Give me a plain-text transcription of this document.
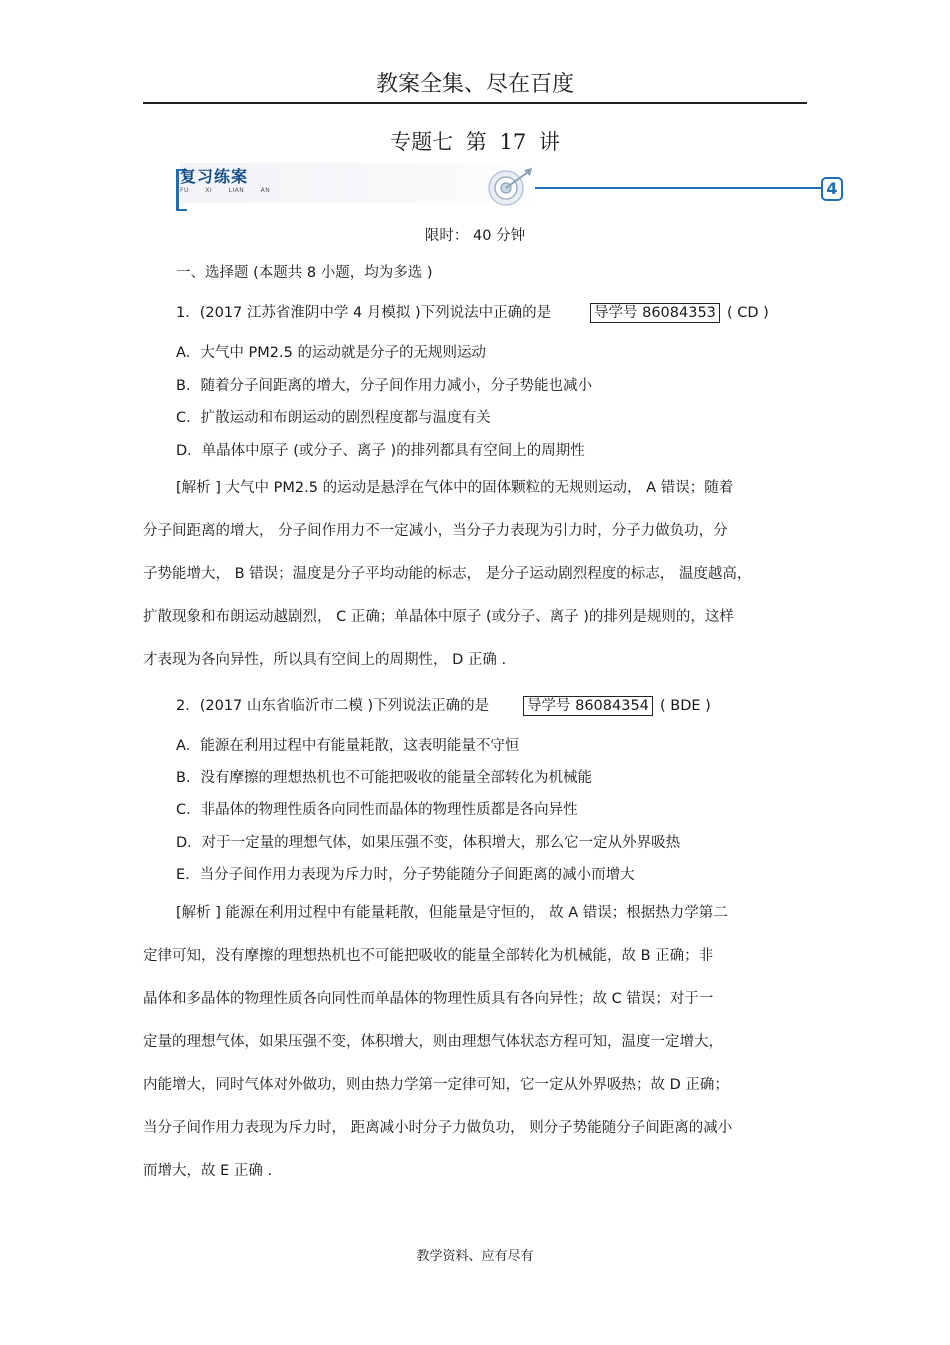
教案全集、尽在百度
专题七 第 17 讲
复习练案
FU XI LIAN AN	4
限时： 40 分钟
一、选择题 (本题共 8 小题，均为多选 )
1．(2017 江苏省淮阴中学 4 月模拟 )下列说法中正确的是	导学号 86084353 ( CD )
A．大气中 PM2.5 的运动就是分子的无规则运动
B．随着分子间距离的增大，分子间作用力减小，分子势能也减小
C．扩散运动和布朗运动的剧烈程度都与温度有关
D．单晶体中原子 (或分子、离子 )的排列都具有空间上的周期性
[解析 ] 大气中 PM2.5 的运动是悬浮在气体中的固体颗粒的无规则运动， A 错误；随着
分子间距离的增大， 分子间作用力不一定减小，当分子力表现为引力时，分子力做负功，分
子势能增大， B 错误；温度是分子平均动能的标志， 是分子运动剧烈程度的标志， 温度越高，
扩散现象和布朗运动越剧烈， C 正确；单晶体中原子 (或分子、离子 )的排列是规则的，这样
才表现为各向异性，所以具有空间上的周期性， D 正确 .
2．(2017 山东省临沂市二模 )下列说法正确的是	导学号 86084354 ( BDE )
A．能源在利用过程中有能量耗散，这表明能量不守恒
B．没有摩擦的理想热机也不可能把吸收的能量全部转化为机械能
C．非晶体的物理性质各向同性而晶体的物理性质都是各向异性
D．对于一定量的理想气体，如果压强不变，体积增大，那么它一定从外界吸热
E．当分子间作用力表现为斥力时，分子势能随分子间距离的减小而增大
[解析 ] 能源在利用过程中有能量耗散，但能量是守恒的， 故 A 错误；根据热力学第二
定律可知，没有摩擦的理想热机也不可能把吸收的能量全部转化为机械能，故 B 正确；非
晶体和多晶体的物理性质各向同性而单晶体的物理性质具有各向异性；故 C 错误；对于一
定量的理想气体，如果压强不变，体积增大，则由理想气体状态方程可知，温度一定增大，
内能增大，同时气体对外做功，则由热力学第一定律可知，它一定从外界吸热；故 D 正确；
当分子间作用力表现为斥力时， 距离减小时分子力做负功， 则分子势能随分子间距离的减小
而增大，故 E 正确 .
教学资料、应有尽有
